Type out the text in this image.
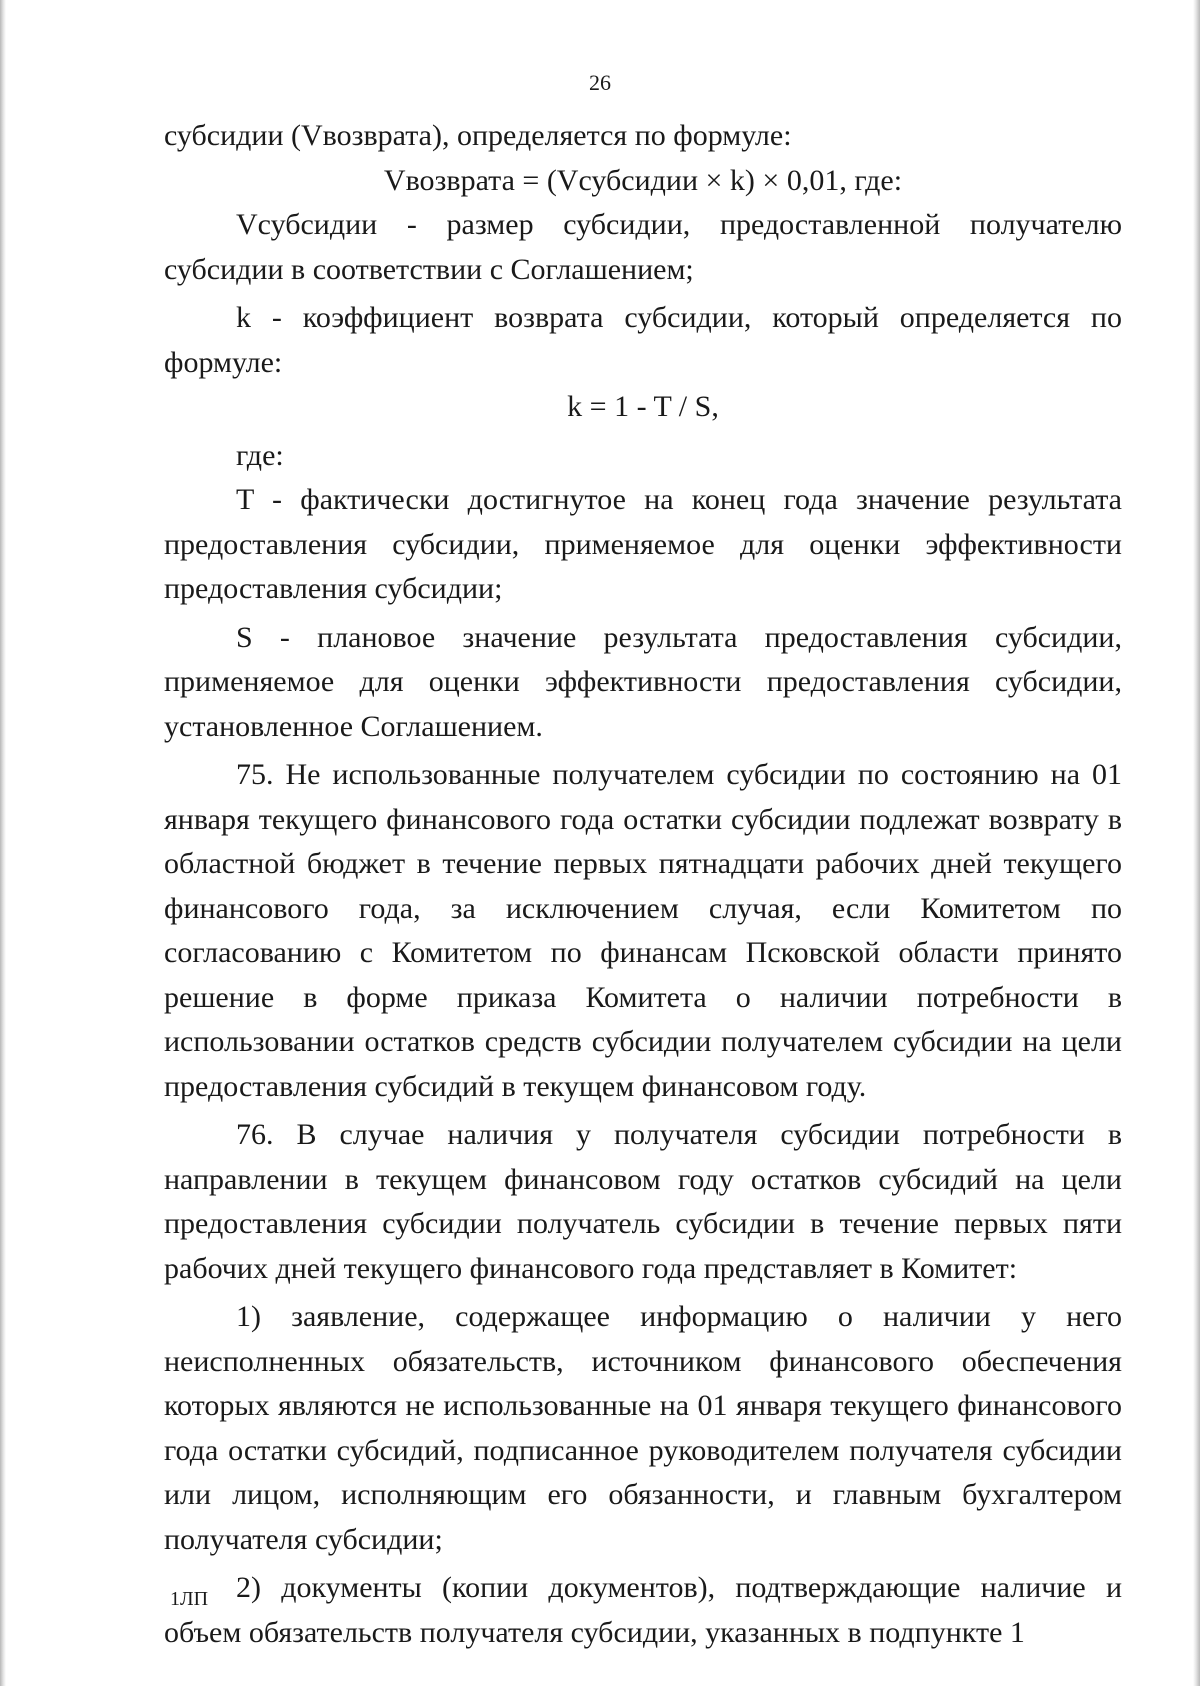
26

субсидии (Vвозврата), определяется по формуле:

Vвозврата = (Vсубсидии × k) × 0,01, где:

Vсубсидии - размер субсидии, предоставленной получателю субсидии в соответствии с Соглашением;

k - коэффициент возврата субсидии, который определяется по формуле:

k = 1 - T / S,

где:

T - фактически достигнутое на конец года значение результата предоставления субсидии, применяемое для оценки эффективности предоставления субсидии;

S - плановое значение результата предоставления субсидии, применяемое для оценки эффективности предоставления субсидии, установленное Соглашением.

75. Не использованные получателем субсидии по состоянию на 01 января текущего финансового года остатки субсидии подлежат возврату в областной бюджет в течение первых пятнадцати рабочих дней текущего финансового года, за исключением случая, если Комитетом по согласованию с Комитетом по финансам Псковской области принято решение в форме приказа Комитета о наличии потребности в использовании остатков средств субсидии получателем субсидии на цели предоставления субсидий в текущем финансовом году.

76. В случае наличия у получателя субсидии потребности в направлении в текущем финансовом году остатков субсидий на цели предоставления субсидии получатель субсидии в течение первых пяти рабочих дней текущего финансового года представляет в Комитет:

1) заявление, содержащее информацию о наличии у него неисполненных обязательств, источником финансового обеспечения которых являются не использованные на 01 января текущего финансового года остатки субсидий, подписанное руководителем получателя субсидии или лицом, исполняющим его обязанности, и главным бухгалтером получателя субсидии;

2) документы (копии документов), подтверждающие наличие и объем обязательств получателя субсидии, указанных в подпункте 1

1ЛП
